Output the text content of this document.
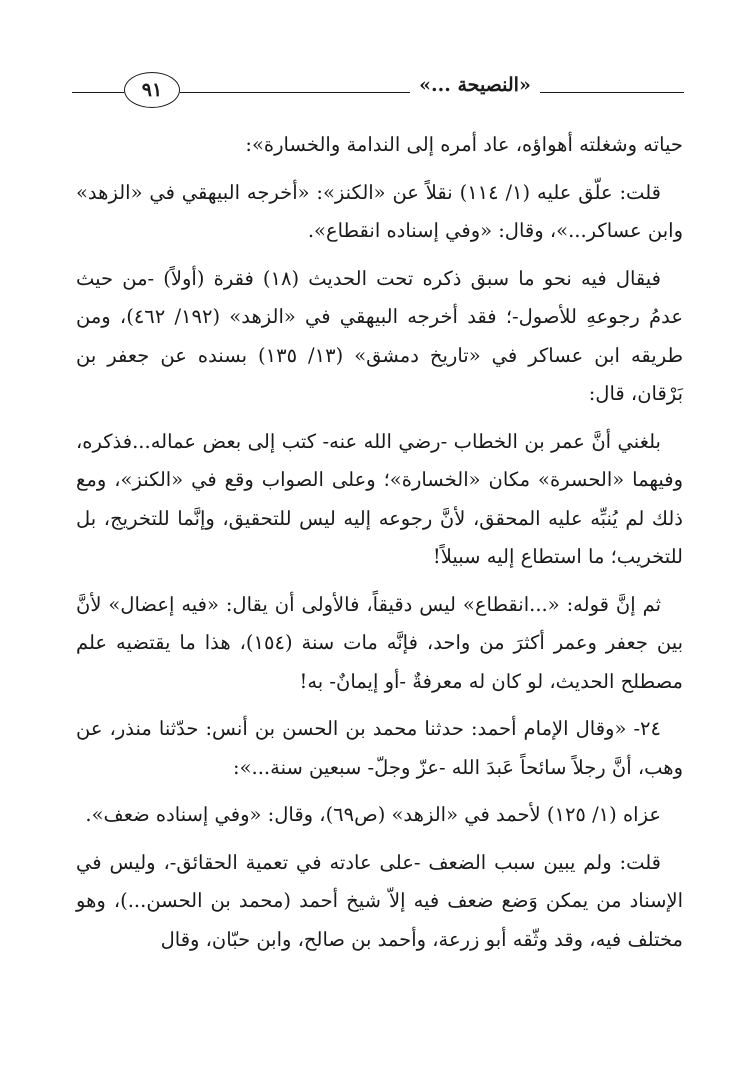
٩١	«النصيحة ...»

حياته وشغلته أهواؤه، عاد أمره إلى الندامة والخسارة»:

قلت: علّق عليه (١/ ١١٤) نقلاً عن «الكنز»: «أخرجه البيهقي في «الزهد» وابن عساكر...»، وقال: «وفي إسناده انقطاع».

فيقال فيه نحو ما سبق ذكره تحت الحديث (١٨) فقرة (أولاً) -من حيث عدمُ رجوعهِ للأصول-؛ فقد أخرجه البيهقي في «الزهد» (١٩٢/ ٤٦٢)، ومن طريقه ابن عساكر في «تاريخ دمشق» (١٣/ ١٣٥) بسنده عن جعفر بن بَرْقان، قال:

بلغني أنَّ عمر بن الخطاب -رضي الله عنه- كتب إلى بعض عماله...فذكره، وفيهما «الحسرة» مكان «الخسارة»؛ وعلى الصواب وقع في «الكنز»، ومع ذلك لم يُنبِّه عليه المحقق، لأنَّ رجوعه إليه ليس للتحقيق، وإنَّما للتخريج، بل للتخريب؛ ما استطاع إليه سبيلاً!

ثم إنَّ قوله: «...انقطاع» ليس دقيقاً، فالأولى أن يقال: «فيه إعضال» لأنَّ بين جعفر وعمر أكثرَ من واحد، فإنَّه مات سنة (١٥٤)، هذا ما يقتضيه علم مصطلح الحديث، لو كان له معرفةٌ -أو إيمانٌ- به!

٢٤- «وقال الإمام أحمد: حدثنا محمد بن الحسن بن أنس: حدّثنا منذر، عن وهب، أنَّ رجلاً سائحاً عَبدَ الله -عزّ وجلّ- سبعين سنة...»:

عزاه (١/ ١٢٥) لأحمد في «الزهد» (ص٦٩)، وقال: «وفي إسناده ضعف».

قلت: ولم يبين سبب الضعف -على عادته في تعمية الحقائق-، وليس في الإسناد من يمكن وَضع ضعف فيه إلاّ شيخ أحمد (محمد بن الحسن...)، وهو مختلف فيه، وقد وثّقه أبو زرعة، وأحمد بن صالح، وابن حبّان، وقال
